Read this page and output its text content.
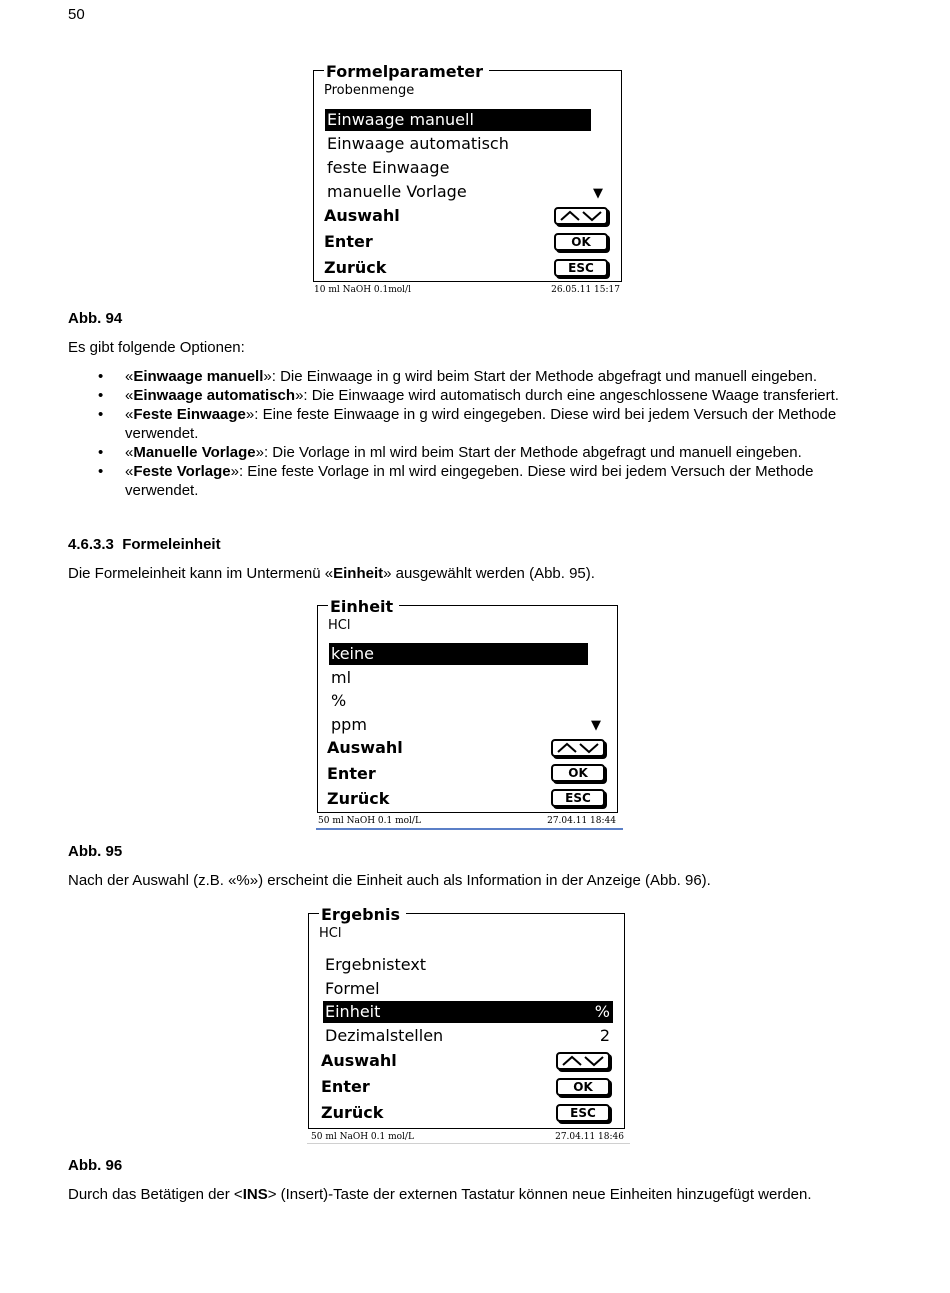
50
Formelparameter
Probenmenge
Einwaage manuell
Einwaage automatisch
feste Einwaage
manuelle Vorlage	▼
Auswahl
Enter
Zurück
OK
ESC
10 ml NaOH 0.1mol/l	26.05.11 15:17
Abb. 94
Es gibt folgende Optionen:
• «Einwaage manuell»: Die Einwaage in g wird beim Start der Methode abgefragt und manuell eingeben.
• «Einwaage automatisch»: Die Einwaage wird automatisch durch eine angeschlossene Waage transferiert.
• «Feste Einwaage»: Eine feste Einwaage in g wird eingegeben. Diese wird bei jedem Versuch der Methode verwendet.
• «Manuelle Vorlage»: Die Vorlage in ml wird beim Start der Methode abgefragt und manuell eingeben.
• «Feste Vorlage»: Eine feste Vorlage in ml wird eingegeben. Diese wird bei jedem Versuch der Methode verwendet.
4.6.3.3 Formeleinheit
Die Formeleinheit kann im Untermenü «Einheit» ausgewählt werden (Abb. 95).
Einheit
HCl
keine
ml
%
ppm	▼
Auswahl
Enter
Zurück
OK
ESC
50 ml NaOH 0.1 mol/L	27.04.11 18:44
Abb. 95
Nach der Auswahl (z.B. «%») erscheint die Einheit auch als Information in der Anzeige (Abb. 96).
Ergebnis
HCl
Ergebnistext
Formel
Einheit	%
Dezimalstellen	2
Auswahl
Enter
Zurück
OK
ESC
50 ml NaOH 0.1 mol/L	27.04.11 18:46
Abb. 96
Durch das Betätigen der <INS> (Insert)-Taste der externen Tastatur können neue Einheiten hinzugefügt werden.
